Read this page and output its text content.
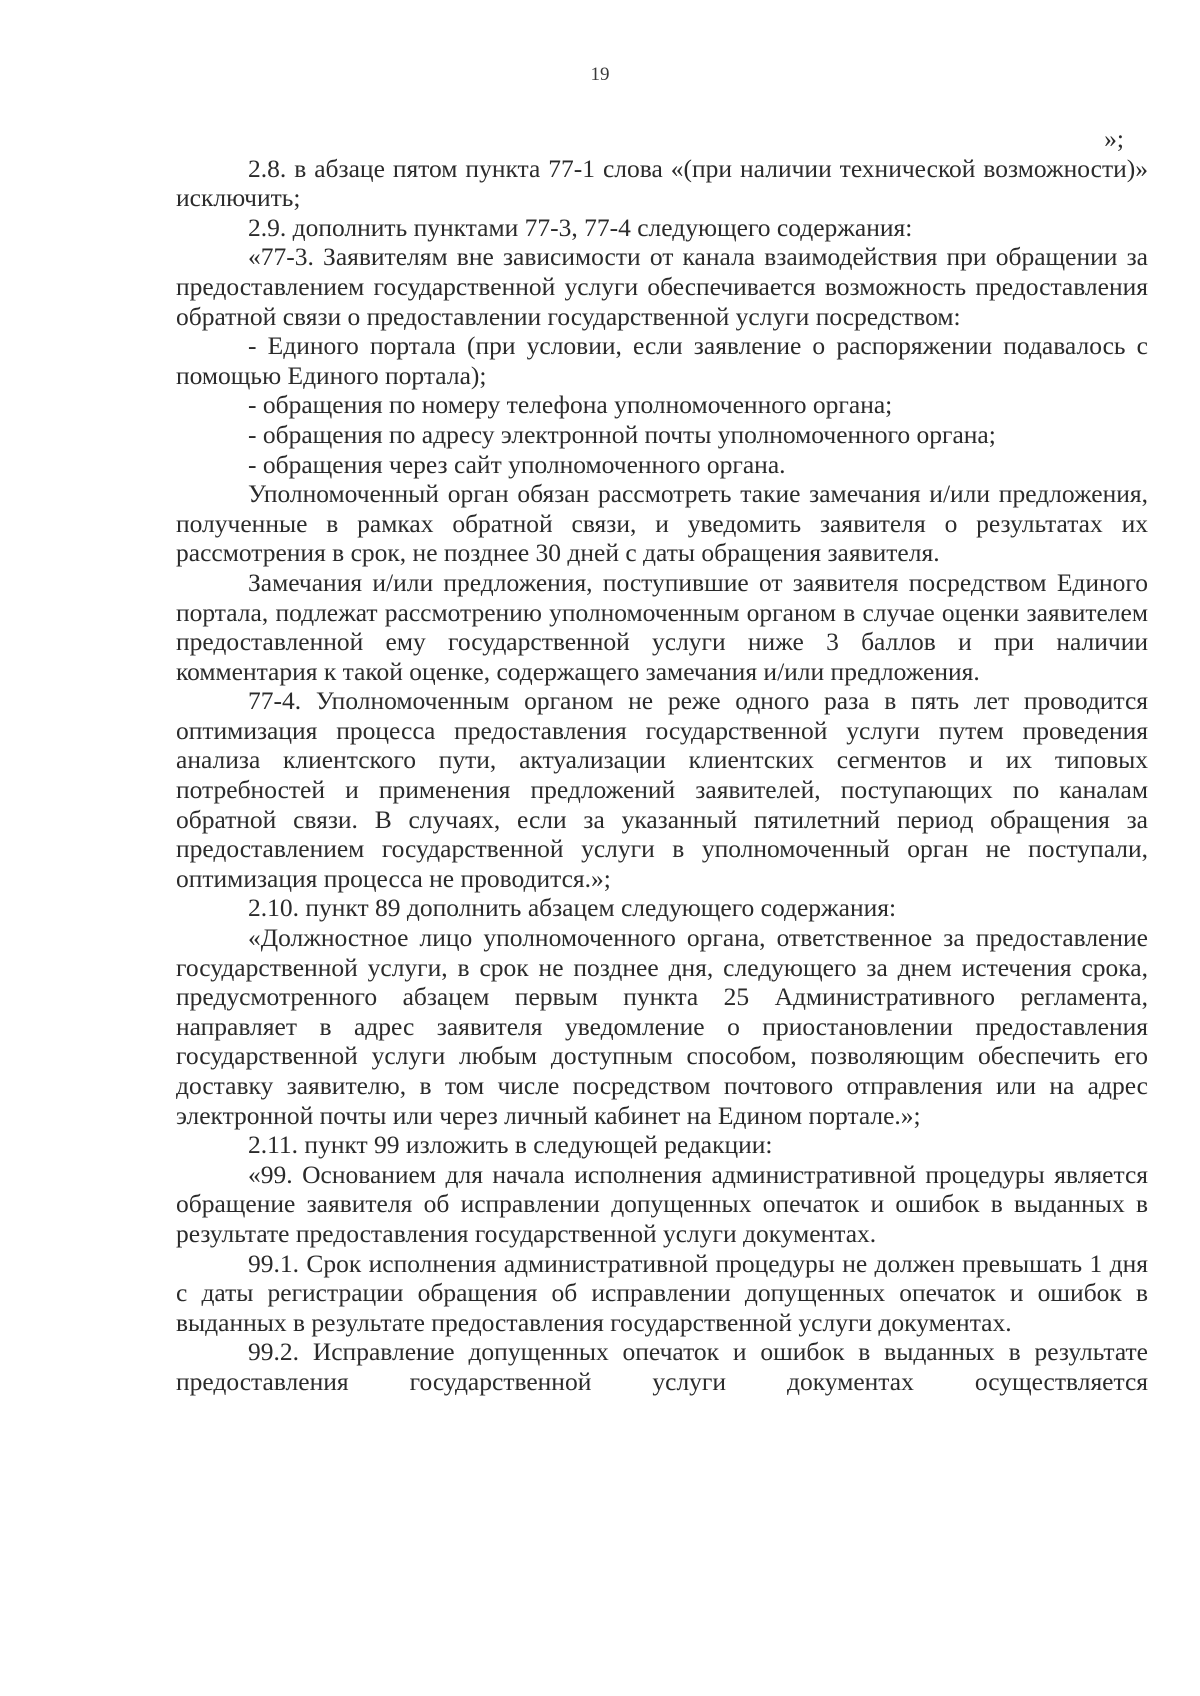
19

»;

2.8. в абзаце пятом пункта 77-1 слова «(при наличии технической возможности)» исключить;

2.9. дополнить пунктами 77-3, 77-4 следующего содержания:

«77-3. Заявителям вне зависимости от канала взаимодействия при обращении за предоставлением государственной услуги обеспечивается возможность предоставления обратной связи о предоставлении государственной услуги посредством:

- Единого портала (при условии, если заявление о распоряжении подавалось с помощью Единого портала);

- обращения по номеру телефона уполномоченного органа;

- обращения по адресу электронной почты уполномоченного органа;

- обращения через сайт уполномоченного органа.

Уполномоченный орган обязан рассмотреть такие замечания и/или предложения, полученные в рамках обратной связи, и уведомить заявителя о результатах их рассмотрения в срок, не позднее 30 дней с даты обращения заявителя.

Замечания и/или предложения, поступившие от заявителя посредством Единого портала, подлежат рассмотрению уполномоченным органом в случае оценки заявителем предоставленной ему государственной услуги ниже 3 баллов и при наличии комментария к такой оценке, содержащего замечания и/или предложения.

77-4. Уполномоченным органом не реже одного раза в пять лет проводится оптимизация процесса предоставления государственной услуги путем проведения анализа клиентского пути, актуализации клиентских сегментов и их типовых потребностей и применения предложений заявителей, поступающих по каналам обратной связи. В случаях, если за указанный пятилетний период обращения за предоставлением государственной услуги в уполномоченный орган не поступали, оптимизация процесса не проводится.»;

2.10. пункт 89 дополнить абзацем следующего содержания:

«Должностное лицо уполномоченного органа, ответственное за предоставление государственной услуги, в срок не позднее дня, следующего за днем истечения срока, предусмотренного абзацем первым пункта 25 Административного регламента, направляет в адрес заявителя уведомление о приостановлении предоставления государственной услуги любым доступным способом, позволяющим обеспечить его доставку заявителю, в том числе посредством почтового отправления или на адрес электронной почты или через личный кабинет на Едином портале.»;

2.11. пункт 99 изложить в следующей редакции:

«99. Основанием для начала исполнения административной процедуры является обращение заявителя об исправлении допущенных опечаток и ошибок в выданных в результате предоставления государственной услуги документах.

99.1. Срок исполнения административной процедуры не должен превышать 1 дня с даты регистрации обращения об исправлении допущенных опечаток и ошибок в выданных в результате предоставления государственной услуги документах.

99.2. Исправление допущенных опечаток и ошибок в выданных в результате предоставления государственной услуги документах осуществляется
